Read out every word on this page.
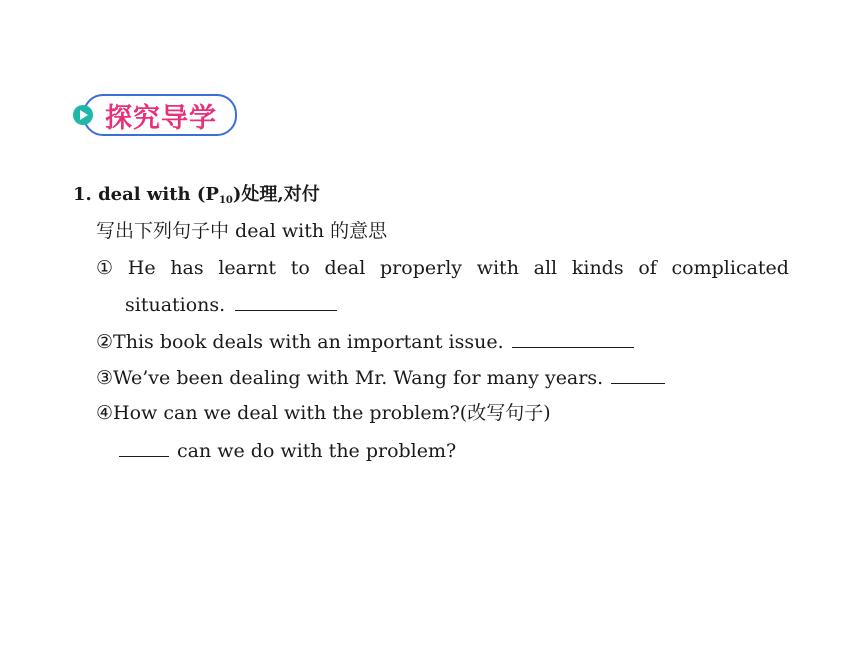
探究导学
1. deal with $(P_{10})$处理,对付
写出下列句子中 deal with 的意思
① He has learnt to deal properly with all kinds of complicated
situations.
②This book deals with an important issue.
③We’ve been dealing with Mr. Wang for many years.
④How can we deal with the problem?(改写句子)
can we do with the problem?
